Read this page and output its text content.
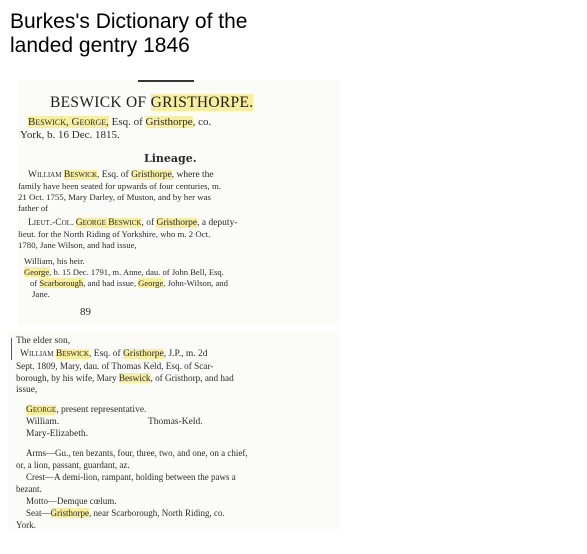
Burkes's Dictionary of the landed gentry 1846
BESWICK OF GRISTHORPE.
Beswick, George, Esq. of Gristhorpe, co.
York, b. 16 Dec. 1815.
Lineage.
William Beswick, Esq. of Gristhorpe, where the
family have been seated for upwards of four centuries, m.
21 Oct. 1755, Mary Darley, of Muston, and by her was
father of
Lieut.-Col. George Beswick, of Gristhorpe, a deputy-
lieut. for the North Riding of Yorkshire, who m. 2 Oct.
1780, Jane Wilson, and had issue,
William, his heir.
George, b. 15 Dec. 1791, m. Anne, dau. of John Bell, Esq.
of Scarborough, and had issue, George, John-Wilson, and
Jane.
89
The elder son,
William Beswick, Esq. of Gristhorpe, J.P., m. 2d
Sept. 1809, Mary, dau. of Thomas Keld, Esq. of Scar-
borough, by his wife, Mary Beswick, of Gristhorp, and had
issue,
George, present representative.
William.	Thomas-Keld.
Mary-Elizabeth.
Arms—Gu., ten bezants, four, three, two, and one, on a chief,
or, a lion, passant, guardant, az.
Crest—A demi-lion, rampant, holding between the paws a
bezant.
Motto—Demque cœlum.
Seat—Gristhorpe, near Scarborough, North Riding, co.
York.
